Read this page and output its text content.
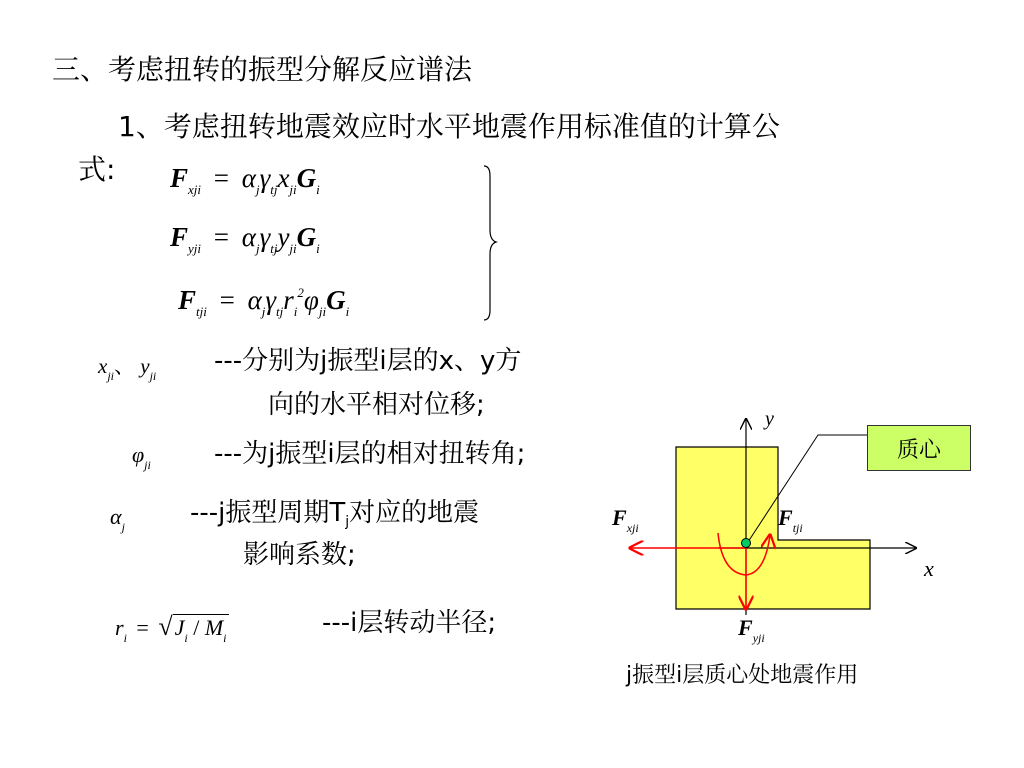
三、考虑扭转的振型分解反应谱法
1、考虑扭转地震效应时水平地震作用标准值的计算公
式: $F_{xji} = \alpha_j\gamma_{tj}x_{ji}G_i$
$F_{yji} = \alpha_j\gamma_{tj}y_{ji}G_i$
$F_{tji} = \alpha_j\gamma_{tj}r_i^2\varphi_{ji}G_i$
$x_{ji}$、 $y_{ji}$ ---分别为j振型i层的x、y方
向的水平相对位移;
$\varphi_{ji}$ ---为j振型i层的相对扭转角;
$\alpha_j$	---j振型周期Tj对应的地震
影响系数;
$r_i = √J_i / M_i$	---i层转动半径;
y
x
质心
$F_{xji}$	$F_{tji}$
$F_{yji}$
j振型i层质心处地震作用
